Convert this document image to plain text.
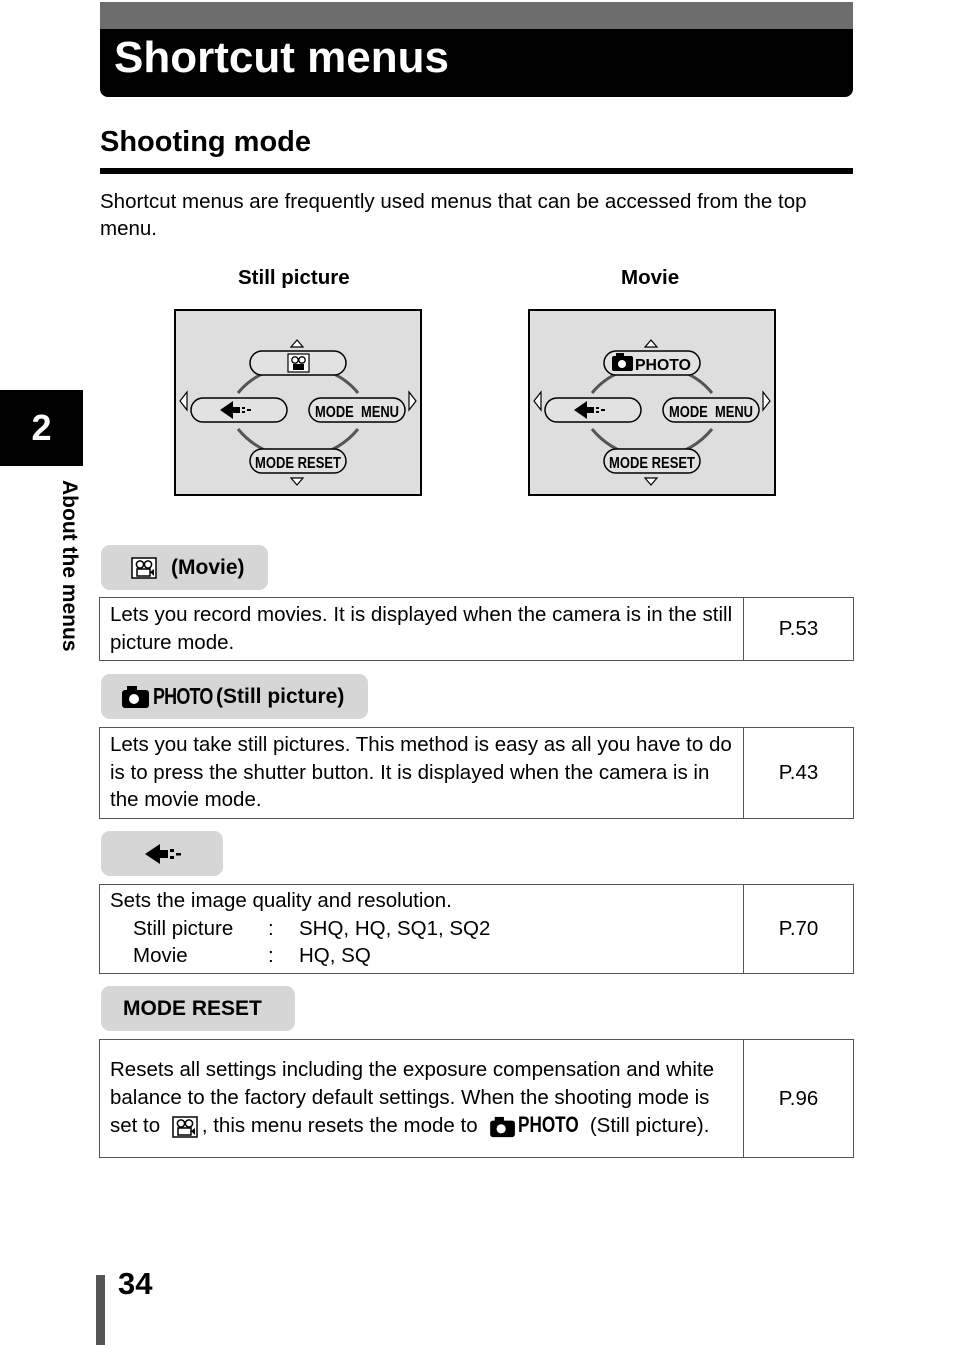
Shortcut menus
Shooting mode

Shortcut menus are frequently used menus that can be accessed from the top menu.

Still picture	Movie
MODE  MENU
MODE RESET
PHOTO
MODE  MENU
MODE RESET
2
About the menus	(Movie)
Lets you record movies. It is displayed when the camera is in the still picture mode.	P.53
PHOTO (Still picture)
Lets you take still pictures. This method is easy as all you have to do is to press the shutter button. It is displayed when the camera is in the movie mode.	P.43
Sets the image quality and resolution.
Still picture	:	SHQ, HQ, SQ1, SQ2
Movie	:	HQ, SQ
	P.70
MODE RESET
Resets all settings including the exposure compensation and white balance to the factory default settings. When the shooting mode is set to , this menu resets the mode to PHOTO (Still picture).	P.96
34
